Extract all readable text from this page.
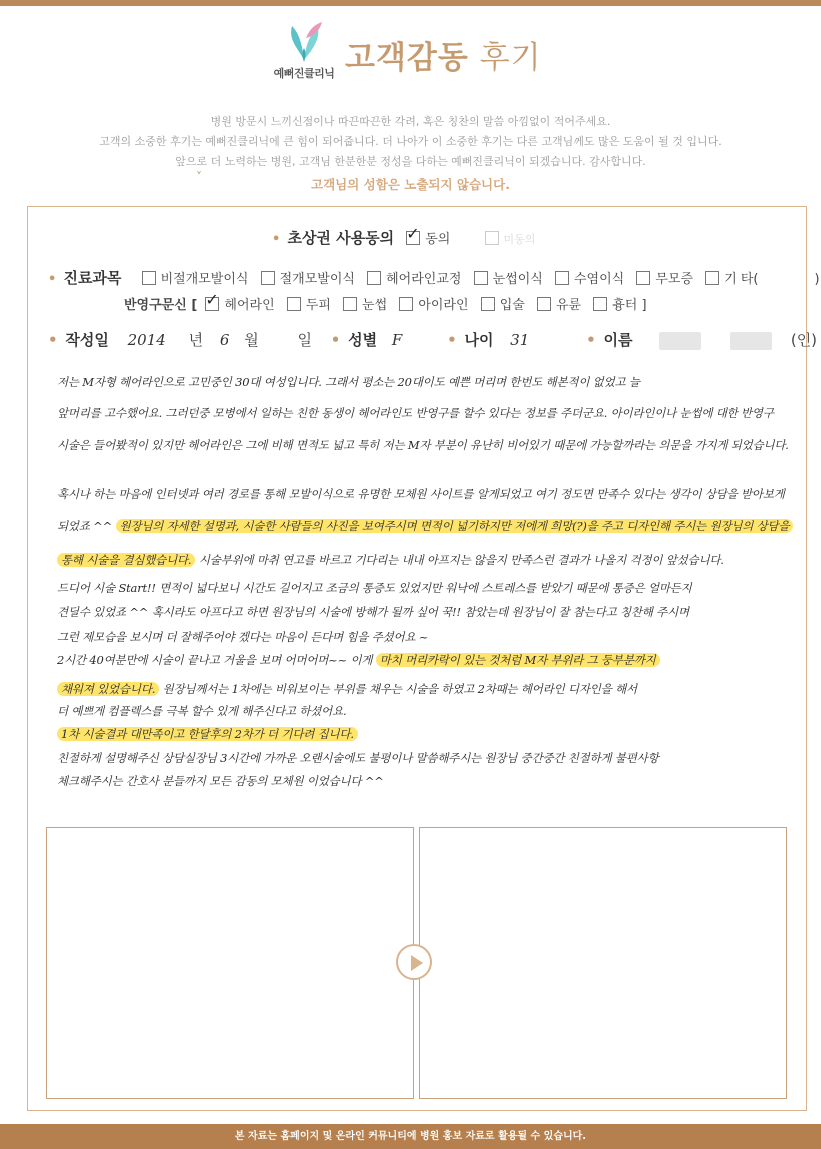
예뻐진클리닉 고객감동 후기
병원 방문시 느끼신점이나 따끈따끈한 각려, 혹은 칭찬의 말씀 아낌없이 적어주세요.
고객의 소중한 후기는 예뻐진클리닉에 큰 힘이 되어줍니다. 더 나아가 이 소중한 후기는 다른 고객님께도 많은 도움이 될 것 입니다.
앞으로 더 노력하는 병원, 고객님 한분한분 정성을 다하는 예뻐진클리닉이 되겠습니다. 감사합니다.
˅	고객님의 성함은 노출되지 않습니다.
• 초상권 사용동의 ✓ 동의	미동의
• 진료과목	비절개모발이식 절개모발이식 헤어라인교정 눈썹이식 수염이식 무모증 기 타(	)
반영구문신 [ ✓ 헤어라인 두피 눈썹 아이라인 입술 유륜 흉터 ]
• 작성일 2014 년 6 월	일 • 성별 F	• 나이 31	• 이름	(인)
저는 M자형 헤어라인으로 고민중인 30대 여성입니다. 그래서 평소는 20대이도 예쁜 머리며 한번도 해본적이 없었고 늘
앞머리를 고수했어요. 그러던중 모병에서 일하는 친한 동생이 헤어라인도 반영구를 할수 있다는 정보를 주더군요. 아이라인이나 눈썹에 대한 반영구
시술은 들어봤적이 있지만 헤어라인은 그에 비해 면적도 넓고 특히 저는 M자 부분이 유난히 비어있기 때문에 가능할까라는 의문을 가지게 되었습니다.
혹시나 하는 마음에 인터넷과 여러 경로를 통해 모발이식으로 유명한 모체원 사이트를 알게되었고 여기 정도면 만족수 있다는 생각이 상담을 받아보게
되었죠 ^^ 원장님의 자세한 설명과, 시술한 사람들의 사진을 보여주시며 면적이 넓기하지만 저에게 희망(?)을 주고 디자인해 주시는 원장님의 상담을
통해 시술을 결심했습니다. 시술부위에 마취 연고를 바르고 기다리는 내내 아프지는 않을지 만족스런 결과가 나올지 걱정이 앞섰습니다.
드디어 시술 Start!! 면적이 넓다보니 시간도 길어지고 조금의 통증도 있었지만 워낙에 스트레스를 받았기 때문에 통증은 얼마든지
견딜수 있었죠 ^^ 혹시라도 아프다고 하면 원장님의 시술에 방해가 될까 싶어 꾹!! 참았는데 원장님이 잘 참는다고 칭찬해 주시며
그런 제모습을 보시며 더 잘해주어야 겠다는 마음이 든다며 힘을 주셨어요 ~
2시간 40여분만에 시술이 끝나고 거울을 보며 어머어머~~ 이게 마치 머리카락이 있는 것처럼 M자 부위라 그 둥부분까지
채워져 있었습니다. 원장님께서는 1차에는 비워보이는 부위를 채우는 시술을 하였고 2차때는 헤어라인 디자인을 해서
더 예쁘게 컴플렉스를 극복 할수 있게 해주신다고 하셨어요.
1차 시술결과 대만족이고 한달후의 2차가 더 기다려 집니다.
친절하게 설명해주신 상담실장님 3시간에 가까운 오랜시술에도 불평이나 말씀해주시는 원장님 중간중간 친절하게 불편사항
체크해주시는 간호사 분들까지 모든 감동의 모체원 이었습니다 ^^
본 자료는 홈페이지 및 온라인 커뮤니티에 병원 홍보 자료로 활용될 수 있습니다.
